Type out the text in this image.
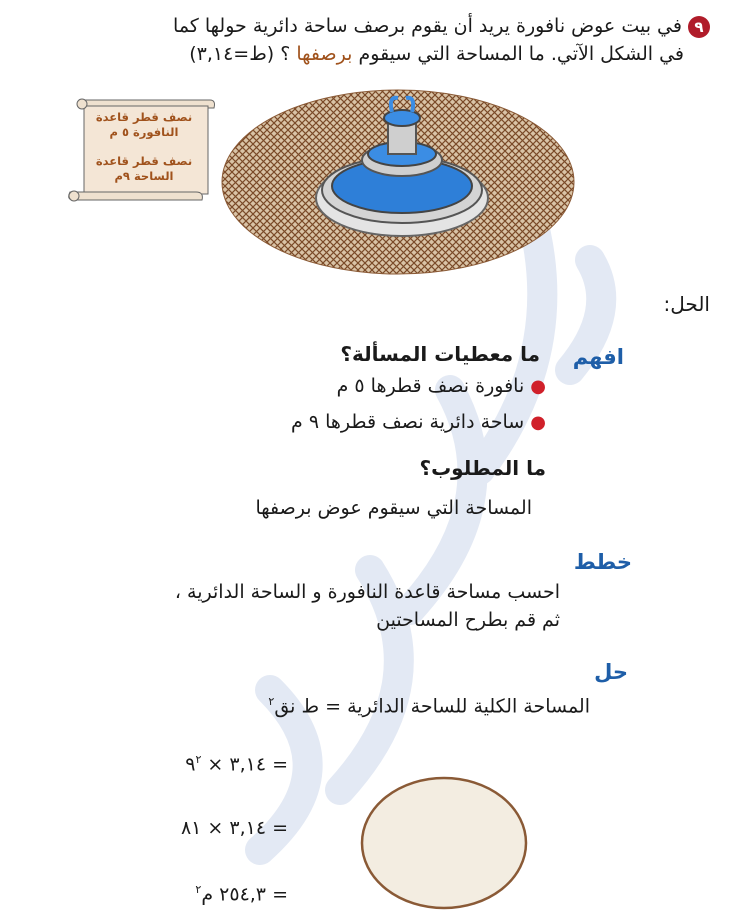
٩ في بيت عوض نافورة يريد أن يقوم برصف ساحة دائرية حولها كما
في الشكل الآتي. ما المساحة التي سيقوم برصفها ؟ (ط=٣,١٤)
نصف قطر قاعدة
النافورة ٥ م
نصف قطر قاعدة
الساحة ٩م
الحل:
افهم
ما معطيات المسألة؟
● نافورة نصف قطرها ٥ م
● ساحة دائرية نصف قطرها ٩ م
ما المطلوب؟
المساحة التي سيقوم عوض برصفها
خطط
احسب مساحة قاعدة النافورة و الساحة الدائرية ،
ثم قم بطرح المساحتين
حل
المساحة الكلية للساحة الدائرية = ط نق$^٢$
= ٣,١٤ × $٩^٢$
= ٣,١٤ × ٨١
= ٢٥٤,٣ م$^٢$
